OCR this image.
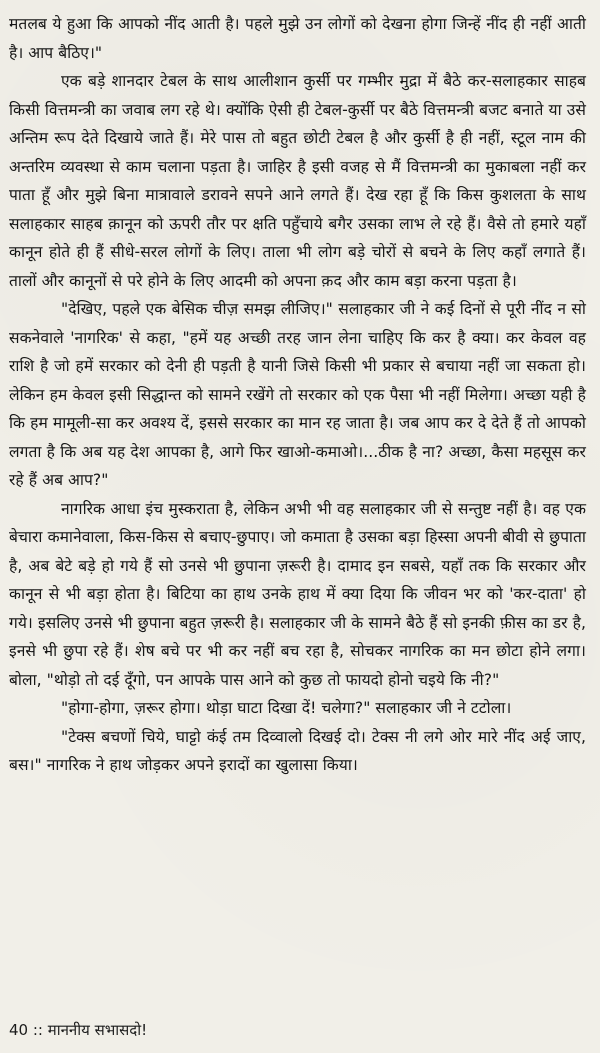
मतलब ये हुआ कि आपको नींद आती है। पहले मुझे उन लोगों को देखना होगा जिन्हें नींद ही नहीं आती है। आप बैठिए।"

एक बड़े शानदार टेबल के साथ आलीशान कुर्सी पर गम्भीर मुद्रा में बैठे कर-सलाहकार साहब किसी वित्तमन्त्री का जवाब लग रहे थे। क्योंकि ऐसी ही टेबल-कुर्सी पर बैठे वित्तमन्त्री बजट बनाते या उसे अन्तिम रूप देते दिखाये जाते हैं। मेरे पास तो बहुत छोटी टेबल है और कुर्सी है ही नहीं, स्टूल नाम की अन्तरिम व्यवस्था से काम चलाना पड़ता है। जाहिर है इसी वजह से मैं वित्तमन्त्री का मुकाबला नहीं कर पाता हूँ और मुझे बिना मात्रावाले डरावने सपने आने लगते हैं। देख रहा हूँ कि किस कुशलता के साथ सलाहकार साहब क़ानून को ऊपरी तौर पर क्षति पहुँचाये बगैर उसका लाभ ले रहे हैं। वैसे तो हमारे यहाँ कानून होते ही हैं सीधे-सरल लोगों के लिए। ताला भी लोग बड़े चोरों से बचने के लिए कहाँ लगाते हैं। तालों और कानूनों से परे होने के लिए आदमी को अपना क़द और काम बड़ा करना पड़ता है।

"देखिए, पहले एक बेसिक चीज़ समझ लीजिए।" सलाहकार जी ने कई दिनों से पूरी नींद न सो सकनेवाले 'नागरिक' से कहा, "हमें यह अच्छी तरह जान लेना चाहिए कि कर है क्या। कर केवल वह राशि है जो हमें सरकार को देनी ही पड़ती है यानी जिसे किसी भी प्रकार से बचाया नहीं जा सकता हो। लेकिन हम केवल इसी सिद्धान्त को सामने रखेंगे तो सरकार को एक पैसा भी नहीं मिलेगा। अच्छा यही है कि हम मामूली-सा कर अवश्य दें, इससे सरकार का मान रह जाता है। जब आप कर दे देते हैं तो आपको लगता है कि अब यह देश आपका है, आगे फिर खाओ-कमाओ।...ठीक है ना? अच्छा, कैसा महसूस कर रहे हैं अब आप?"

नागरिक आधा इंच मुस्कराता है, लेकिन अभी भी वह सलाहकार जी से सन्तुष्ट नहीं है। वह एक बेचारा कमानेवाला, किस-किस से बचाए-छुपाए। जो कमाता है उसका बड़ा हिस्सा अपनी बीवी से छुपाता है, अब बेटे बड़े हो गये हैं सो उनसे भी छुपाना ज़रूरी है। दामाद इन सबसे, यहाँ तक कि सरकार और कानून से भी बड़ा होता है। बिटिया का हाथ उनके हाथ में क्या दिया कि जीवन भर को 'कर-दाता' हो गये। इसलिए उनसे भी छुपाना बहुत ज़रूरी है। सलाहकार जी के सामने बैठे हैं सो इनकी फ़ीस का डर है, इनसे भी छुपा रहे हैं। शेष बचे पर भी कर नहीं बच रहा है, सोचकर नागरिक का मन छोटा होने लगा। बोला, "थोड़ो तो दई दूँगो, पन आपके पास आने को कुछ तो फायदो होनो चइये कि नी?"

"होगा-होगा, ज़रूर होगा। थोड़ा घाटा दिखा दें! चलेगा?" सलाहकार जी ने टटोला।

"टेक्स बचणों चिये, घाट्टो कंई तम दिव्वालो दिखई दो। टेक्स नी लगे ओर मारे नींद अई जाए, बस।" नागरिक ने हाथ जोड़कर अपने इरादों का खुलासा किया।

40 :: माननीय सभासदो!
